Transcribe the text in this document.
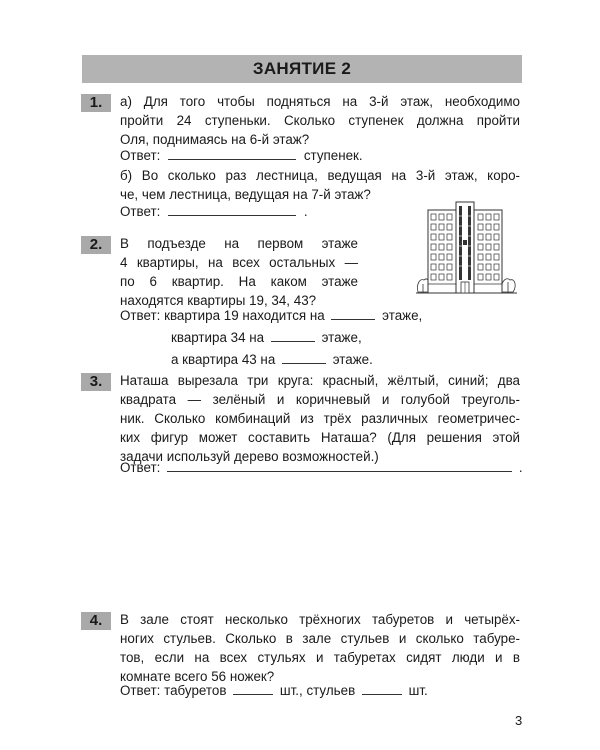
ЗАНЯТИЕ 2
1.	а) Для того чтобы подняться на 3-й этаж, необходимо
пройти 24 ступеньки. Сколько ступенек должна пройти
Оля, поднимаясь на 6-й этаж?
Ответ:	ступенек.
б) Во сколько раз лестница, ведущая на 3-й этаж, коро-
че, чем лестница, ведущая на 7-й этаж?
Ответ:	.
2.	В подъезде на первом этаже
4 квартиры, на всех остальных —
по 6 квартир. На каком этаже
находятся квартиры 19, 34, 43?
Ответ: квартира 19 находится на	этаже,
квартира 34 на	этаже,
а квартира 43 на	этаже.
3.	Наташа вырезала три круга: красный, жёлтый, синий; два
квадрата — зелёный и коричневый и голубой треуголь-
ник. Сколько комбинаций из трёх различных геометричес-
ких фигур может составить Наташа? (Для решения этой
задачи используй дерево возможностей.)
Ответ:	.
4.	В зале стоят несколько трёхногих табуретов и четырёх-
ногих стульев. Сколько в зале стульев и сколько табуре-
тов, если на всех стульях и табуретах сидят люди и в
комнате всего 56 ножек?
Ответ: табуретов	шт., стульев	шт.
3
